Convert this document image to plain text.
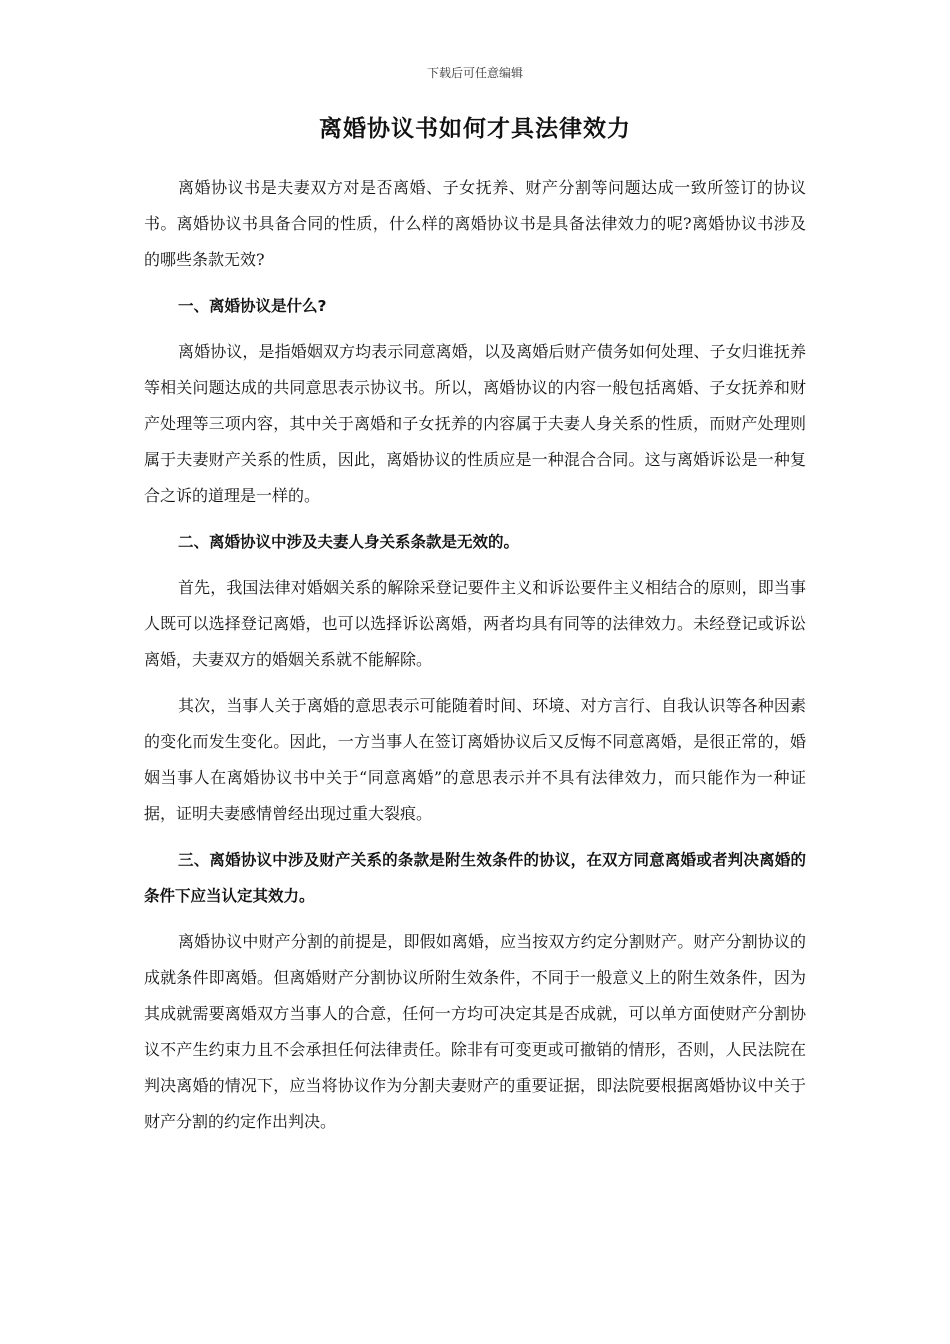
下载后可任意编辑
离婚协议书如何才具法律效力

离婚协议书是夫妻双方对是否离婚、子女抚养、财产分割等问题达成一致所签订的协议书。离婚协议书具备合同的性质，什么样的离婚协议书是具备法律效力的呢?离婚协议书涉及的哪些条款无效?

一、离婚协议是什么?

离婚协议，是指婚姻双方均表示同意离婚，以及离婚后财产债务如何处理、子女归谁抚养等相关问题达成的共同意思表示协议书。所以，离婚协议的内容一般包括离婚、子女抚养和财产处理等三项内容，其中关于离婚和子女抚养的内容属于夫妻人身关系的性质，而财产处理则属于夫妻财产关系的性质，因此，离婚协议的性质应是一种混合合同。这与离婚诉讼是一种复合之诉的道理是一样的。

二、离婚协议中涉及夫妻人身关系条款是无效的。

首先，我国法律对婚姻关系的解除采登记要件主义和诉讼要件主义相结合的原则，即当事人既可以选择登记离婚，也可以选择诉讼离婚，两者均具有同等的法律效力。未经登记或诉讼离婚，夫妻双方的婚姻关系就不能解除。

其次，当事人关于离婚的意思表示可能随着时间、环境、对方言行、自我认识等各种因素的变化而发生变化。因此，一方当事人在签订离婚协议后又反悔不同意离婚，是很正常的，婚姻当事人在离婚协议书中关于“同意离婚”的意思表示并不具有法律效力，而只能作为一种证据，证明夫妻感情曾经出现过重大裂痕。

三、离婚协议中涉及财产关系的条款是附生效条件的协议，在双方同意离婚或者判决离婚的条件下应当认定其效力。

离婚协议中财产分割的前提是，即假如离婚，应当按双方约定分割财产。财产分割协议的成就条件即离婚。但离婚财产分割协议所附生效条件，不同于一般意义上的附生效条件，因为其成就需要离婚双方当事人的合意，任何一方均可决定其是否成就，可以单方面使财产分割协议不产生约束力且不会承担任何法律责任。除非有可变更或可撤销的情形，否则，人民法院在判决离婚的情况下，应当将协议作为分割夫妻财产的重要证据，即法院要根据离婚协议中关于财产分割的约定作出判决。
